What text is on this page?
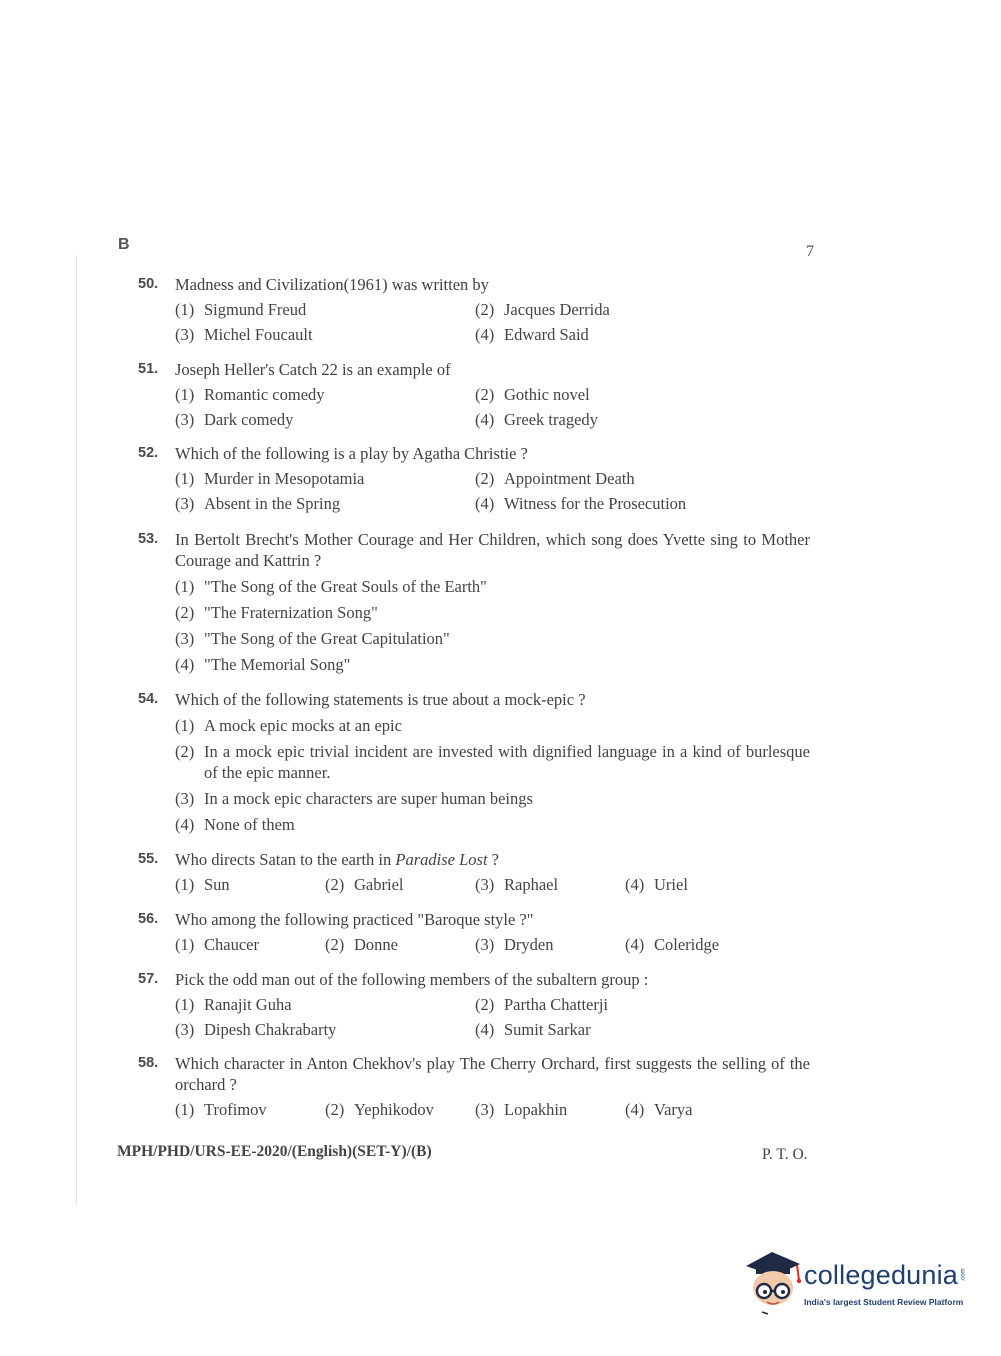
B	7
50. Madness and Civilization(1961) was written by
(1) Sigmund Freud	(2) Jacques Derrida
(3) Michel Foucault	(4) Edward Said
51. Joseph Heller's Catch 22 is an example of
(1) Romantic comedy	(2) Gothic novel
(3) Dark comedy	(4) Greek tragedy
52. Which of the following is a play by Agatha Christie ?
(1) Murder in Mesopotamia	(2) Appointment Death
(3) Absent in the Spring	(4) Witness for the Prosecution
53. In Bertolt Brecht's Mother Courage and Her Children, which song does Yvette sing to Mother Courage and Kattrin ?
(1) "The Song of the Great Souls of the Earth"
(2) "The Fraternization Song"
(3) "The Song of the Great Capitulation"
(4) "The Memorial Song"
54. Which of the following statements is true about a mock-epic ?
(1) A mock epic mocks at an epic
(2) In a mock epic trivial incident are invested with dignified language in a kind of burlesque of the epic manner.
(3) In a mock epic characters are super human beings
(4) None of them
55. Who directs Satan to the earth in Paradise Lost ?
(1) Sun	(2) Gabriel	(3) Raphael	(4) Uriel
56. Who among the following practiced "Baroque style ?"
(1) Chaucer	(2) Donne	(3) Dryden	(4) Coleridge
57. Pick the odd man out of the following members of the subaltern group :
(1) Ranajit Guha	(2) Partha Chatterji
(3) Dipesh Chakrabarty	(4) Sumit Sarkar
58. Which character in Anton Chekhov's play The Cherry Orchard, first suggests the selling of the orchard ?
(1) Trofimov	(2) Yephikodov	(3) Lopakhin	(4) Varya
MPH/PHD/URS-EE-2020/(English)(SET-Y)/(B)	P. T. O.
collegedunia .com
India's largest Student Review Platform
